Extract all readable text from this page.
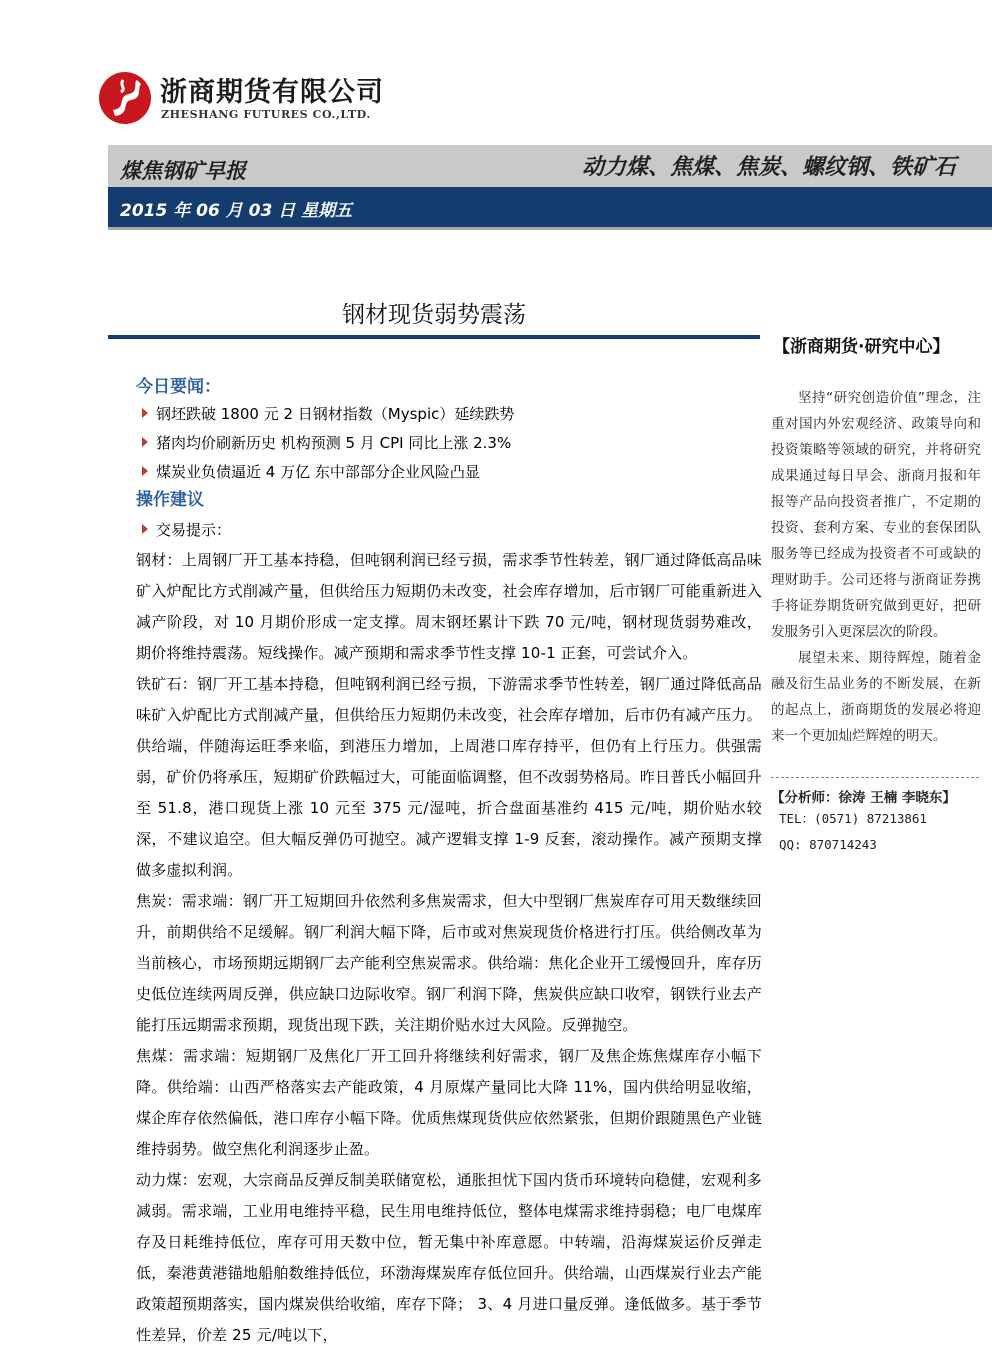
浙商期货有限公司
ZHESHANG FUTURES CO.,LTD.
煤焦钢矿早报	动力煤、焦煤、焦炭、螺纹钢、铁矿石
2015 年 06 月 03 日 星期五
钢材现货弱势震荡
今日要闻：
钢坯跌破 1800 元 2 日钢材指数（Myspic）延续跌势
猪肉均价刷新历史 机构预测 5 月 CPI 同比上涨 2.3%
煤炭业负债逼近 4 万亿 东中部部分企业风险凸显
操作建议
交易提示：

钢材：上周钢厂开工基本持稳，但吨钢利润已经亏损，需求季节性转差，钢厂通过降低高品味矿入炉配比方式削减产量，但供给压力短期仍未改变，社会库存增加，后市钢厂可能重新进入减产阶段，对 10 月期价形成一定支撑。周末钢坯累计下跌 70 元/吨，钢材现货弱势难改，期价将维持震荡。短线操作。减产预期和需求季节性支撑 10-1 正套，可尝试介入。

铁矿石：钢厂开工基本持稳，但吨钢利润已经亏损，下游需求季节性转差，钢厂通过降低高品味矿入炉配比方式削减产量，但供给压力短期仍未改变，社会库存增加，后市仍有减产压力。供给端，伴随海运旺季来临，到港压力增加，上周港口库存持平，但仍有上行压力。供强需弱，矿价仍将承压，短期矿价跌幅过大，可能面临调整，但不改弱势格局。昨日普氏小幅回升至 51.8，港口现货上涨 10 元至 375 元/湿吨，折合盘面基准约 415 元/吨，期价贴水较深，不建议追空。但大幅反弹仍可抛空。减产逻辑支撑 1-9 反套，滚动操作。减产预期支撑做多虚拟利润。

焦炭：需求端：钢厂开工短期回升依然利多焦炭需求，但大中型钢厂焦炭库存可用天数继续回升，前期供给不足缓解。钢厂利润大幅下降，后市或对焦炭现货价格进行打压。供给侧改革为当前核心，市场预期远期钢厂去产能利空焦炭需求。供给端：焦化企业开工缓慢回升，库存历史低位连续两周反弹，供应缺口边际收窄。钢厂利润下降，焦炭供应缺口收窄，钢铁行业去产能打压远期需求预期，现货出现下跌，关注期价贴水过大风险。反弹抛空。

焦煤：需求端：短期钢厂及焦化厂开工回升将继续利好需求，钢厂及焦企炼焦煤库存小幅下降。供给端：山西严格落实去产能政策，4 月原煤产量同比大降 11%，国内供给明显收缩，煤企库存依然偏低，港口库存小幅下降。优质焦煤现货供应依然紧张，但期价跟随黑色产业链维持弱势。做空焦化利润逐步止盈。

动力煤：宏观，大宗商品反弹反制美联储宽松，通胀担忧下国内货币环境转向稳健，宏观利多减弱。需求端，工业用电维持平稳，民生用电维持低位，整体电煤需求维持弱稳；电厂电煤库存及日耗维持低位，库存可用天数中位，暂无集中补库意愿。中转端，沿海煤炭运价反弹走低，秦港黄港锚地船舶数维持低位，环渤海煤炭库存低位回升。供给端，山西煤炭行业去产能政策超预期落实，国内煤炭供给收缩，库存下降； 3、4 月进口量反弹。逢低做多。基于季节性差异，价差 25 元/吨以下，

【浙商期货·研究中心】

坚持“研究创造价值”理念，注重对国内外宏观经济、政策导向和投资策略等领域的研究，并将研究成果通过每日早会、浙商月报和年报等产品向投资者推广，不定期的投资、套利方案、专业的套保团队服务等已经成为投资者不可或缺的理财助手。公司还将与浙商证券携手将证券期货研究做到更好，把研发服务引入更深层次的阶段。

展望未来、期待辉煌，随着金融及衍生品业务的不断发展，在新的起点上，浙商期货的发展必将迎来一个更加灿烂辉煌的明天。

【分析师：徐涛 王楠 李晓东】
TEL：(0571) 87213861
QQ: 870714243
